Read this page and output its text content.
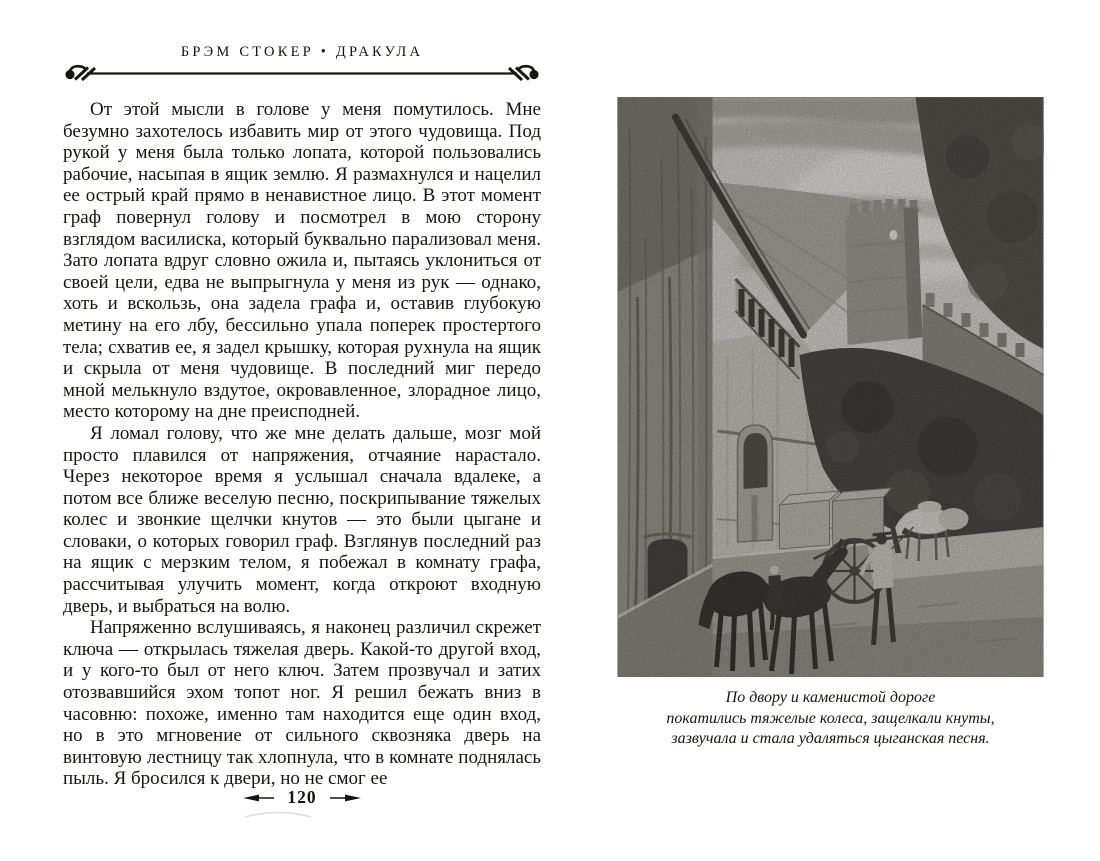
БРЭМ СТОКЕР • ДРАКУЛА

От этой мысли в голове у меня помутилось. Мне безумно захотелось избавить мир от этого чудовища. Под рукой у меня была только лопата, которой пользовались рабочие, насыпая в ящик землю. Я размахнулся и нацелил ее острый край прямо в ненавистное лицо. В этот момент граф повернул голову и посмотрел в мою сторону взглядом василиска, который буквально парализовал меня. Зато лопата вдруг словно ожила и, пытаясь уклониться от своей цели, едва не выпрыгнула у меня из рук — однако, хоть и вскользь, она задела графа и, оставив глубокую метину на его лбу, бессильно упала поперек простертого тела; схватив ее, я задел крышку, которая рухнула на ящик и скрыла от меня чудовище. В последний миг передо мной мелькнуло вздутое, окровавленное, злорадное лицо, место которому на дне преисподней.

Я ломал голову, что же мне делать дальше, мозг мой просто плавился от напряжения, отчаяние нарастало. Через некоторое время я услышал сначала вдалеке, а потом все ближе веселую песню, поскрипывание тяжелых колес и звонкие щелчки кнутов — это были цыгане и словаки, о которых говорил граф. Взглянув последний раз на ящик с мерзким телом, я побежал в комнату графа, рассчитывая улучить момент, когда откроют входную дверь, и выбраться на волю.

Напряженно вслушиваясь, я наконец различил скрежет ключа — открылась тяжелая дверь. Какой-то другой вход, и у кого-то был от него ключ. Затем прозвучал и затих отозвавшийся эхом топот ног. Я решил бежать вниз в часовню: похоже, именно там находится еще один вход, но в это мгновение от сильного сквозняка дверь на винтовую лестницу так хлопнула, что в комнате поднялась пыль. Я бросился к двери, но не смог ее

По двору и каменистой дороге
покатились тяжелые колеса, защелкали кнуты,
зазвучала и стала удаляться цыганская песня.
120
